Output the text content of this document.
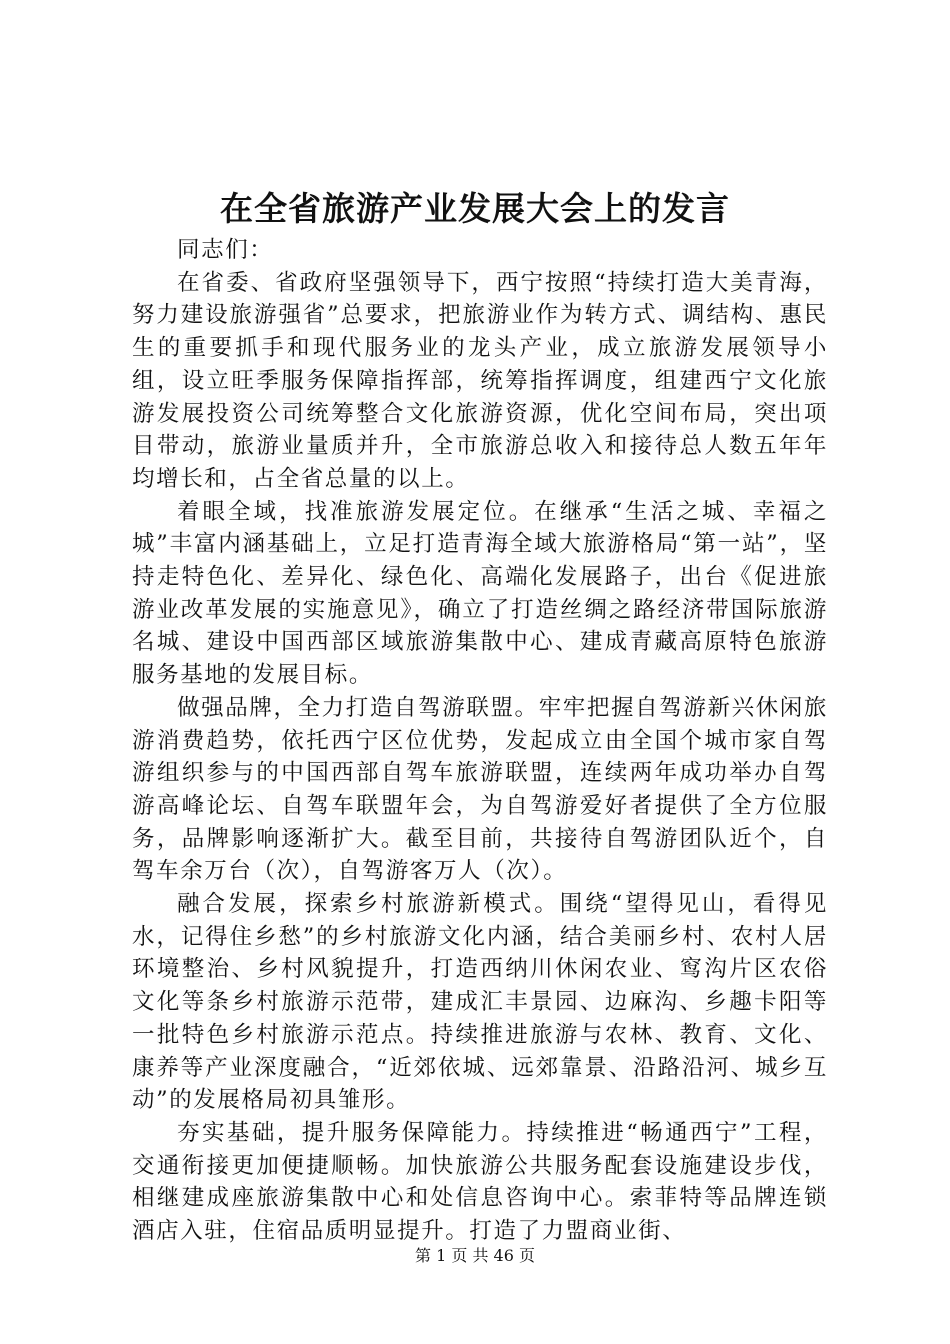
在全省旅游产业发展大会上的发言

同志们：

在省委、省政府坚强领导下，西宁按照“持续打造大美青海，努力建设旅游强省”总要求，把旅游业作为转方式、调结构、惠民生的重要抓手和现代服务业的龙头产业，成立旅游发展领导小组，设立旺季服务保障指挥部，统筹指挥调度，组建西宁文化旅游发展投资公司统筹整合文化旅游资源，优化空间布局，突出项目带动，旅游业量质并升，全市旅游总收入和接待总人数五年年均增长和，占全省总量的以上。

着眼全域，找准旅游发展定位。在继承“生活之城、幸福之城”丰富内涵基础上，立足打造青海全域大旅游格局“第一站”，坚持走特色化、差异化、绿色化、高端化发展路子，出台《促进旅游业改革发展的实施意见》，确立了打造丝绸之路经济带国际旅游名城、建设中国西部区域旅游集散中心、建成青藏高原特色旅游服务基地的发展目标。

做强品牌，全力打造自驾游联盟。牢牢把握自驾游新兴休闲旅游消费趋势，依托西宁区位优势，发起成立由全国个城市家自驾游组织参与的中国西部自驾车旅游联盟，连续两年成功举办自驾游高峰论坛、自驾车联盟年会，为自驾游爱好者提供了全方位服务，品牌影响逐渐扩大。截至目前，共接待自驾游团队近个，自驾车余万台（次），自驾游客万人（次）。

融合发展，探索乡村旅游新模式。围绕“望得见山，看得见水，记得住乡愁”的乡村旅游文化内涵，结合美丽乡村、农村人居环境整治、乡村风貌提升，打造西纳川休闲农业、窎沟片区农俗文化等条乡村旅游示范带，建成汇丰景园、边麻沟、乡趣卡阳等一批特色乡村旅游示范点。持续推进旅游与农林、教育、文化、康养等产业深度融合，“近郊依城、远郊靠景、沿路沿河、城乡互动”的发展格局初具雏形。

夯实基础，提升服务保障能力。持续推进“畅通西宁”工程，交通衔接更加便捷顺畅。加快旅游公共服务配套设施建设步伐，相继建成座旅游集散中心和处信息咨询中心。索菲特等品牌连锁酒店入驻，住宿品质明显提升。打造了力盟商业街、

第 1 页 共 46 页
